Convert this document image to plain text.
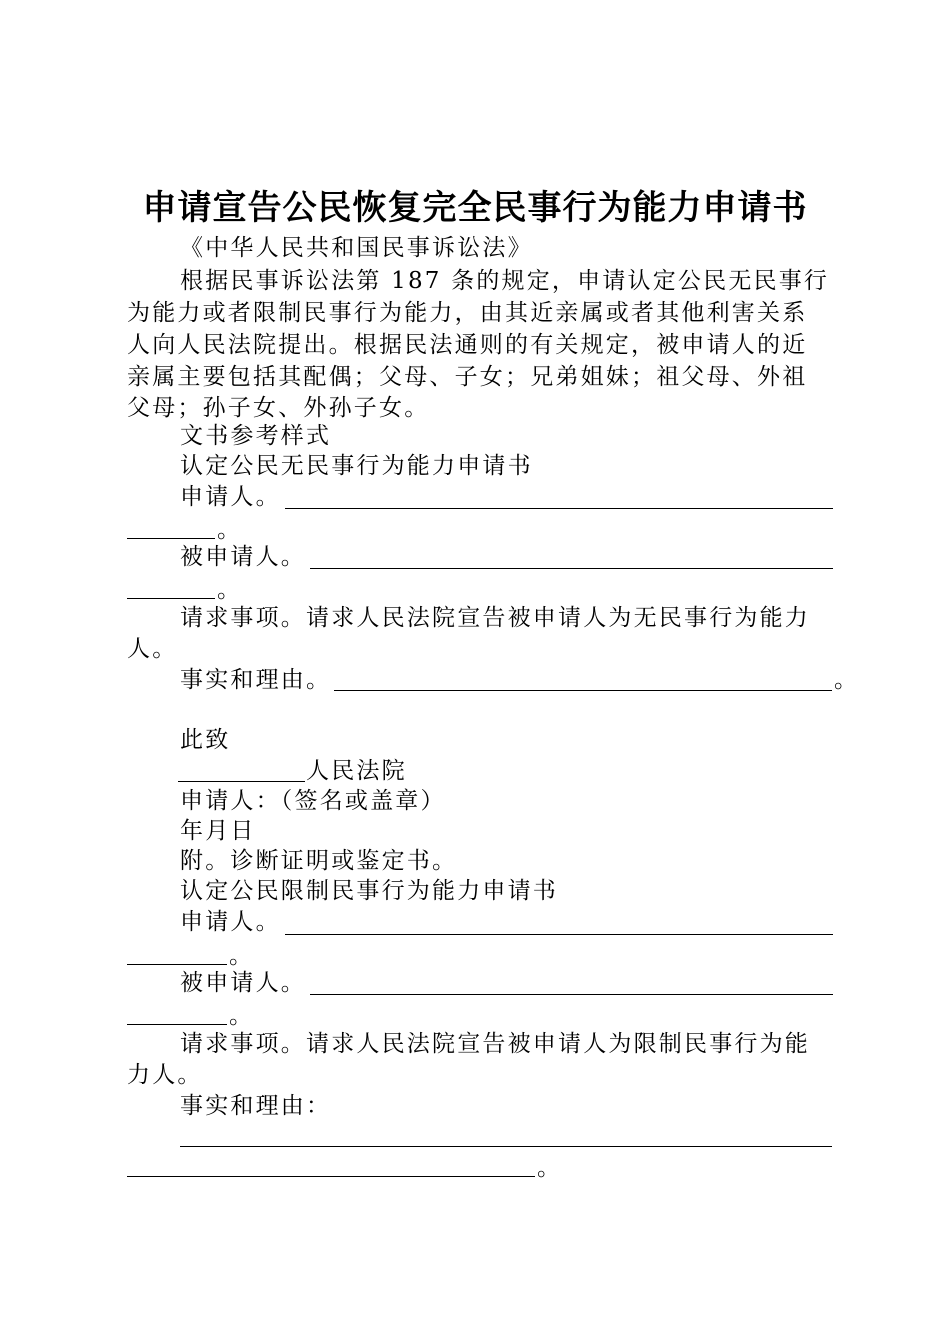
申请宣告公民恢复完全民事行为能力申请书
《中华人民共和国民事诉讼法》
根据民事诉讼法第 187 条的规定，申请认定公民无民事行
为能力或者限制民事行为能力，由其近亲属或者其他利害关系
人向人民法院提出。根据民法通则的有关规定，被申请人的近
亲属主要包括其配偶；父母、子女；兄弟姐妹；祖父母、外祖
父母；孙子女、外孙子女。
文书参考样式
认定公民无民事行为能力申请书
申请人。
。
被申请人。
。
请求事项。请求人民法院宣告被申请人为无民事行为能力
人。
事实和理由。	。
此致
人民法院
申请人：（签名或盖章）
年月日
附。诊断证明或鉴定书。
认定公民限制民事行为能力申请书
申请人。
。
被申请人。
。
请求事项。请求人民法院宣告被申请人为限制民事行为能
力人。
事实和理由：
。
